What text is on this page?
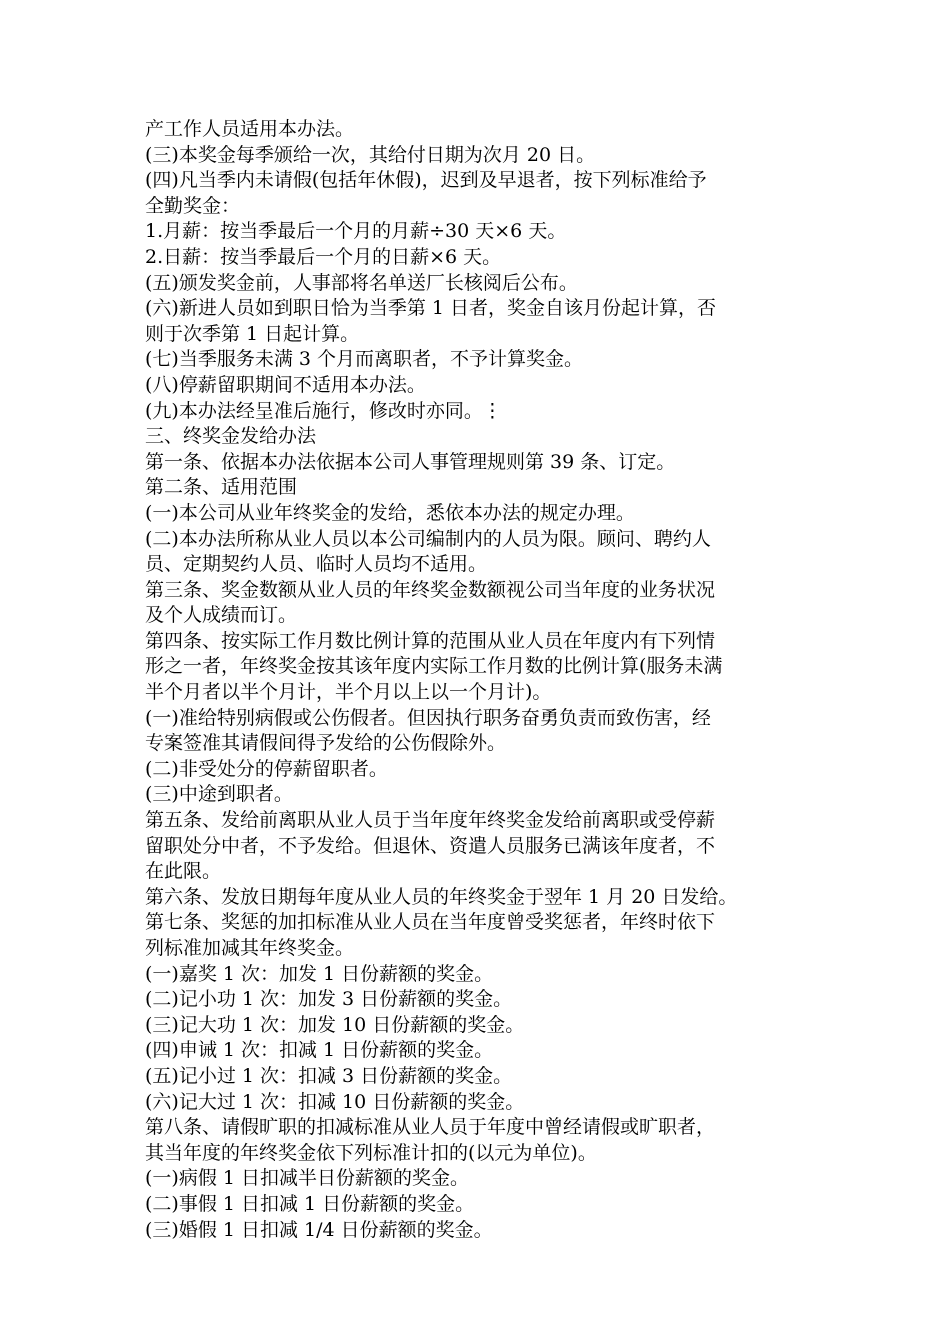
产工作人员适用本办法。
(三)本奖金每季颁给一次，其给付日期为次月 20 日。
(四)凡当季内未请假(包括年休假)，迟到及早退者，按下列标准给予
全勤奖金：
1.月薪：按当季最后一个月的月薪÷30 天×6 天。
2.日薪：按当季最后一个月的日薪×6 天。
(五)颁发奖金前，人事部将名单送厂长核阅后公布。
(六)新进人员如到职日恰为当季第 1 日者，奖金自该月份起计算，否
则于次季第 1 日起计算。
(七)当季服务未满 3 个月而离职者，不予计算奖金。
(八)停薪留职期间不适用本办法。
(九)本办法经呈准后施行，修改时亦同。⋮
三、终奖金发给办法
第一条、依据本办法依据本公司人事管理规则第 39 条、订定。
第二条、适用范围
(一)本公司从业年终奖金的发给，悉依本办法的规定办理。
(二)本办法所称从业人员以本公司编制内的人员为限。顾问、聘约人
员、定期契约人员、临时人员均不适用。
第三条、奖金数额从业人员的年终奖金数额视公司当年度的业务状况
及个人成绩而订。
第四条、按实际工作月数比例计算的范围从业人员在年度内有下列情
形之一者，年终奖金按其该年度内实际工作月数的比例计算(服务未满
半个月者以半个月计，半个月以上以一个月计)。
(一)准给特别病假或公伤假者。但因执行职务奋勇负责而致伤害，经
专案签准其请假间得予发给的公伤假除外。
(二)非受处分的停薪留职者。
(三)中途到职者。
第五条、发给前离职从业人员于当年度年终奖金发给前离职或受停薪
留职处分中者，不予发给。但退休、资遣人员服务已满该年度者，不
在此限。
第六条、发放日期每年度从业人员的年终奖金于翌年 1 月 20 日发给。
第七条、奖惩的加扣标准从业人员在当年度曾受奖惩者，年终时依下
列标准加减其年终奖金。
(一)嘉奖 1 次：加发 1 日份薪额的奖金。
(二)记小功 1 次：加发 3 日份薪额的奖金。
(三)记大功 1 次：加发 10 日份薪额的奖金。
(四)申诫 1 次：扣减 1 日份薪额的奖金。
(五)记小过 1 次：扣减 3 日份薪额的奖金。
(六)记大过 1 次：扣减 10 日份薪额的奖金。
第八条、请假旷职的扣减标准从业人员于年度中曾经请假或旷职者，
其当年度的年终奖金依下列标准计扣的(以元为单位)。
(一)病假 1 日扣减半日份薪额的奖金。
(二)事假 1 日扣减 1 日份薪额的奖金。
(三)婚假 1 日扣减 1/4 日份薪额的奖金。
